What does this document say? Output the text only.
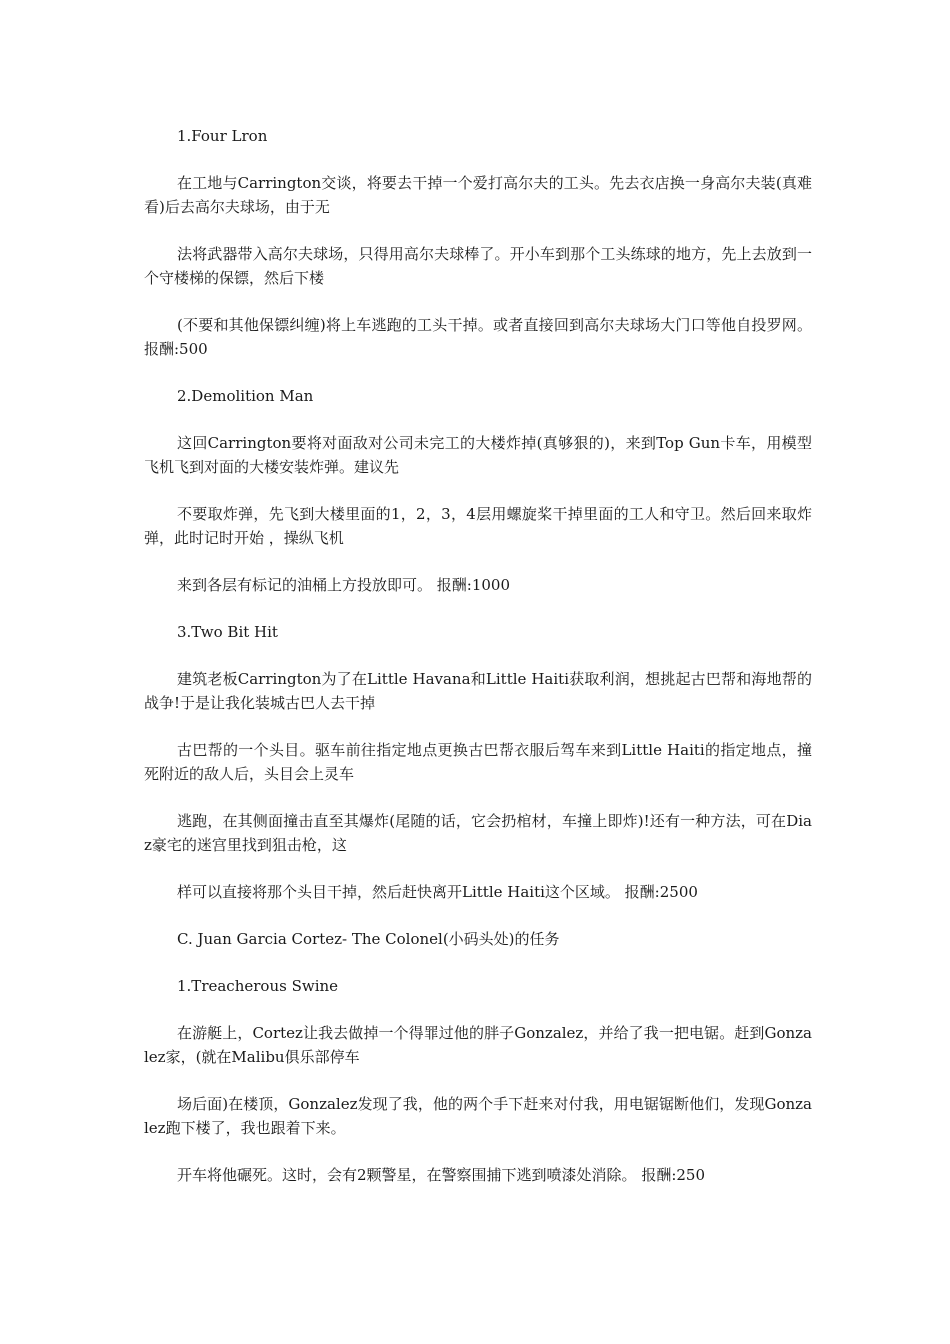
1.Four Lron

在工地与Carrington交谈，将要去干掉一个爱打高尔夫的工头。先去衣店换一身高尔夫装(真难看)后去高尔夫球场，由于无

法将武器带入高尔夫球场，只得用高尔夫球棒了。开小车到那个工头练球的地方，先上去放到一个守楼梯的保镖，然后下楼

(不要和其他保镖纠缠)将上车逃跑的工头干掉。或者直接回到高尔夫球场大门口等他自投罗网。 报酬:500

2.Demolition Man

这回Carrington要将对面敌对公司未完工的大楼炸掉(真够狠的)，来到Top Gun卡车，用模型飞机飞到对面的大楼安装炸弹。建议先

不要取炸弹，先飞到大楼里面的1，2，3，4层用螺旋桨干掉里面的工人和守卫。然后回来取炸弹，此时记时开始 ，操纵飞机

来到各层有标记的油桶上方投放即可。 报酬:1000

3.Two Bit Hit

建筑老板Carrington为了在Little Havana和Little Haiti获取利润，想挑起古巴帮和海地帮的战争!于是让我化装城古巴人去干掉

古巴帮的一个头目。驱车前往指定地点更换古巴帮衣服后驾车来到Little Haiti的指定地点，撞死附近的敌人后，头目会上灵车

逃跑，在其侧面撞击直至其爆炸(尾随的话，它会扔棺材，车撞上即炸)!还有一种方法，可在Diaz豪宅的迷宫里找到狙击枪，这

样可以直接将那个头目干掉，然后赶快离开Little Haiti这个区域。 报酬:2500

C. Juan Garcia Cortez- The Colonel(小码头处)的任务

1.Treacherous Swine

在游艇上，Cortez让我去做掉一个得罪过他的胖子Gonzalez，并给了我一把电锯。赶到Gonzalez家，(就在Malibu俱乐部停车

场后面)在楼顶，Gonzalez发现了我，他的两个手下赶来对付我，用电锯锯断他们，发现Gonzalez跑下楼了，我也跟着下来。

开车将他碾死。这时，会有2颗警星，在警察围捕下逃到喷漆处消除。 报酬:250
